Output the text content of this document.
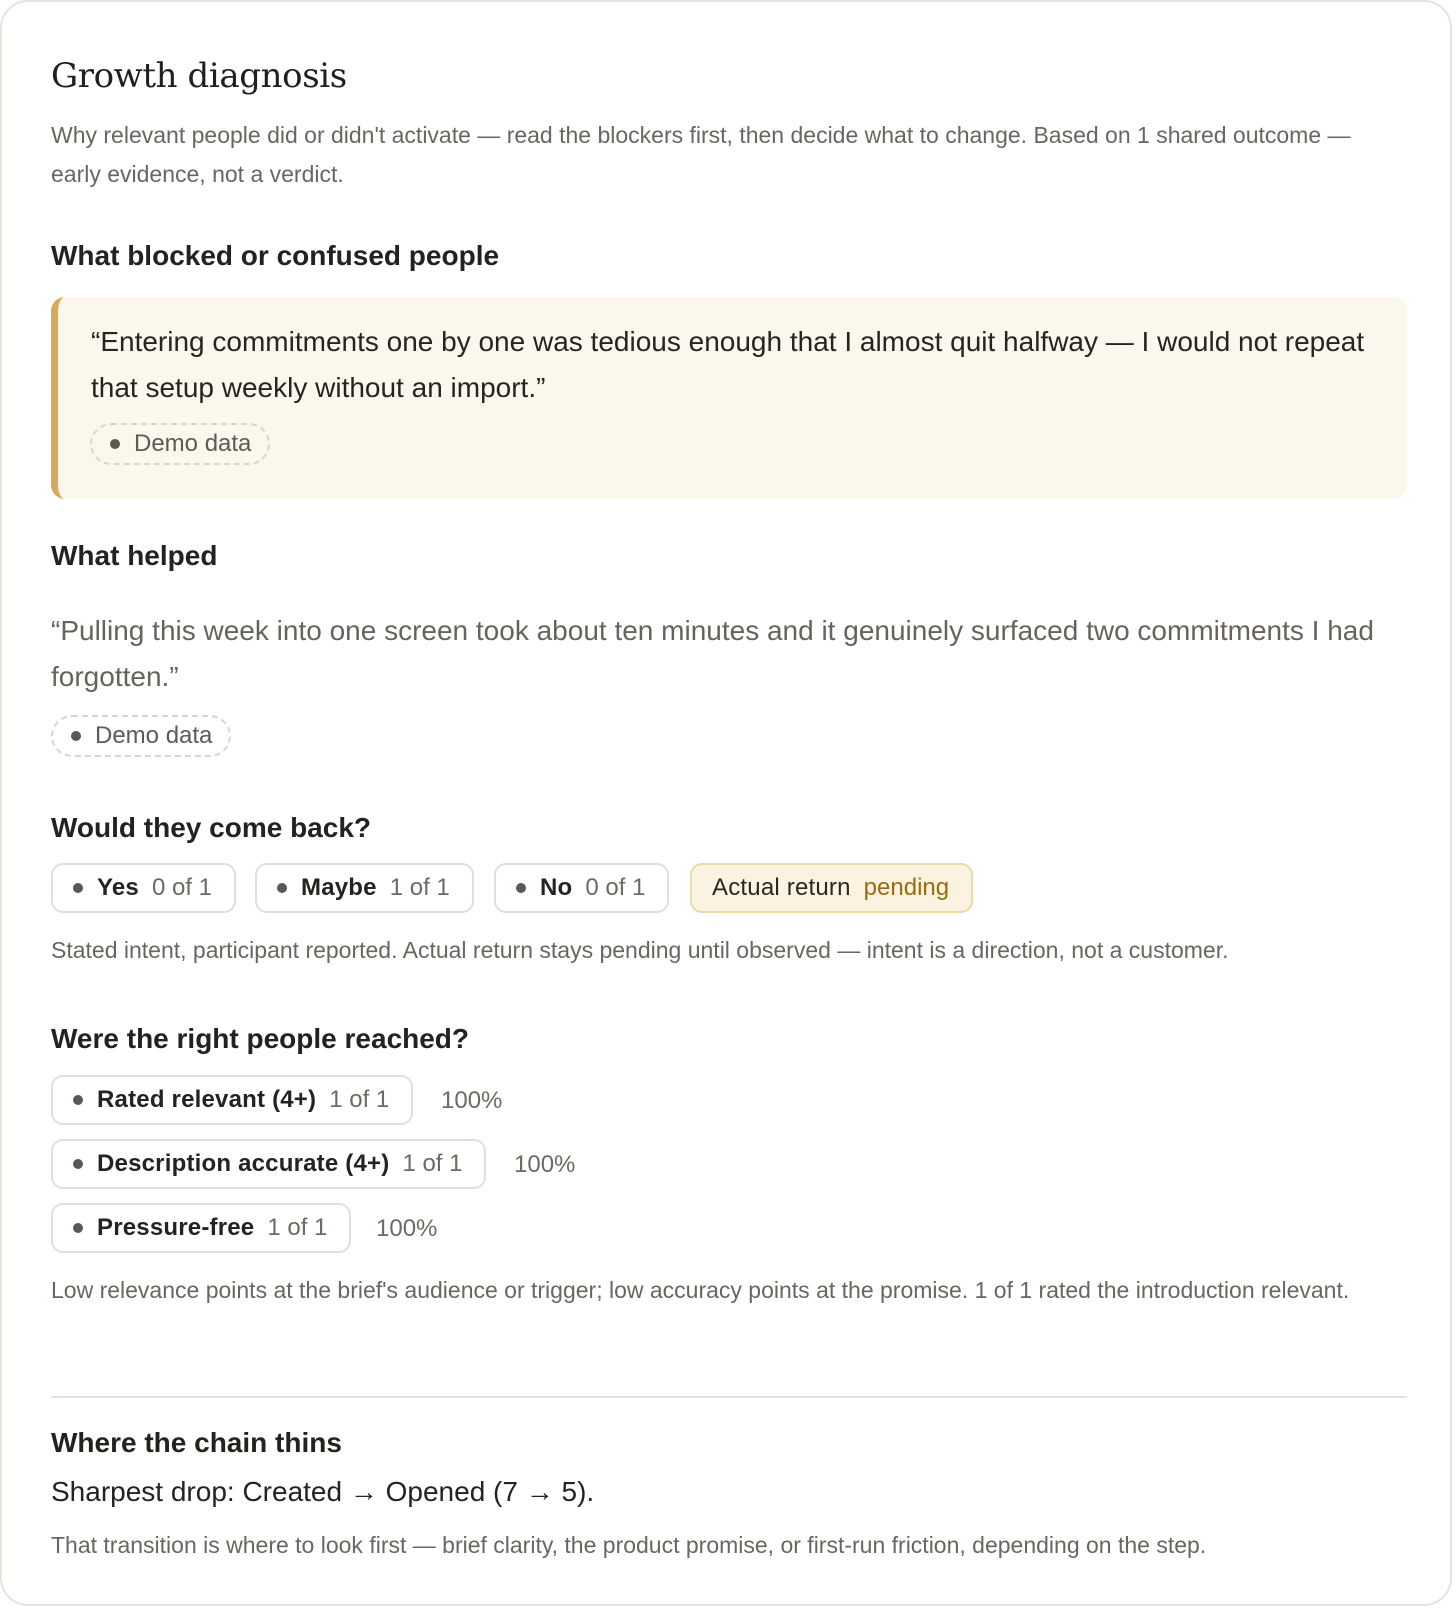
Growth diagnosis

Why relevant people did or didn't activate — read the blockers first, then decide what to change. Based on 1 shared outcome — early evidence, not a verdict.

What blocked or confused people

“Entering commitments one by one was tedious enough that I almost quit halfway — I would not repeat that setup weekly without an import.”

Demo data
What helped

“Pulling this week into one screen took about ten minutes and it genuinely surfaced two commitments I had forgotten.”

Demo data
Would they come back?
Yes 0 of 1	Maybe 1 of 1	No 0 of 1	Actual return pending

Stated intent, participant reported. Actual return stays pending until observed — intent is a direction, not a customer.

Were the right people reached?
Rated relevant (4+) 1 of 1 100%
Description accurate (4+) 1 of 1 100%
Pressure-free 1 of 1 100%

Low relevance points at the brief's audience or trigger; low accuracy points at the promise. 1 of 1 rated the introduction relevant.

Where the chain thins

Sharpest drop: Created → Opened (7 → 5).

That transition is where to look first — brief clarity, the product promise, or first-run friction, depending on the step.
